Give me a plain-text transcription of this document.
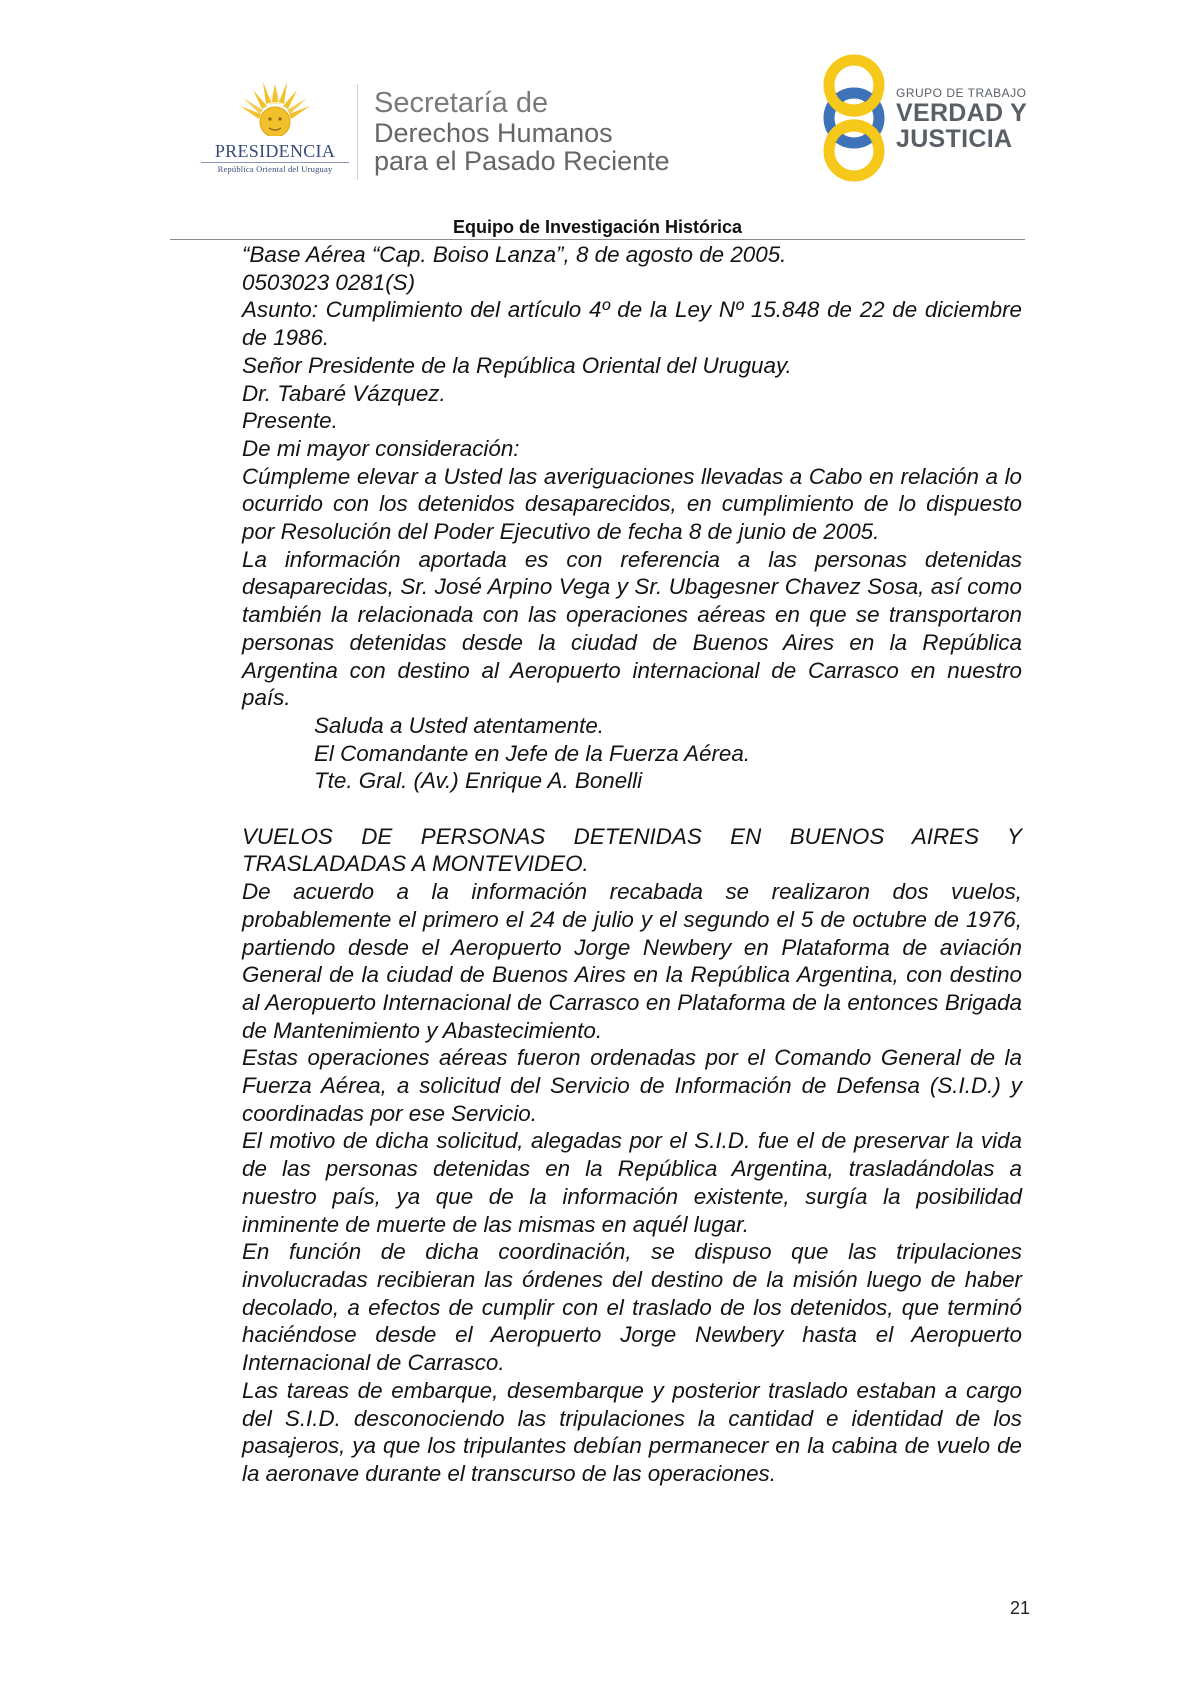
PRESIDENCIA
República Oriental del Uruguay
Secretaría de
Derechos Humanos
para el Pasado Reciente
GRUPO DE TRABAJO
VERDAD Y
JUSTICIA
Equipo de Investigación Histórica

“Base Aérea “Cap. Boiso Lanza”, 8 de agosto de 2005.

0503023 0281(S)

Asunto: Cumplimiento del artículo 4º de la Ley Nº 15.848 de 22 de diciembre de 1986.

Señor Presidente de la República Oriental del Uruguay.

Dr. Tabaré Vázquez.

Presente.

De mi mayor consideración:

Cúmpleme elevar a Usted las averiguaciones llevadas a Cabo en relación a lo ocurrido con los detenidos desaparecidos, en cumplimiento de lo dispuesto por Resolución del Poder Ejecutivo de fecha 8 de junio de 2005.

La información aportada es con referencia a las personas detenidas desaparecidas, Sr. José Arpino Vega y Sr. Ubagesner Chavez Sosa, así como también la relacionada con las operaciones aéreas en que se transportaron personas detenidas desde la ciudad de Buenos Aires en la República Argentina con destino al Aeropuerto internacional de Carrasco en nuestro país.

Saluda a Usted atentamente.

El Comandante en Jefe de la Fuerza Aérea.

Tte. Gral. (Av.) Enrique A. Bonelli

VUELOS DE PERSONAS DETENIDAS EN BUENOS AIRES Y TRASLADADAS A MONTEVIDEO.

De acuerdo a la información recabada se realizaron dos vuelos, probablemente el primero el 24 de julio y el segundo el 5 de octubre de 1976, partiendo desde el Aeropuerto Jorge Newbery en Plataforma de aviación General de la ciudad de Buenos Aires en la República Argentina, con destino al Aeropuerto Internacional de Carrasco en Plataforma de la entonces Brigada de Mantenimiento y Abastecimiento.

Estas operaciones aéreas fueron ordenadas por el Comando General de la Fuerza Aérea, a solicitud del Servicio de Información de Defensa (S.I.D.) y coordinadas por ese Servicio.

El motivo de dicha solicitud, alegadas por el S.I.D. fue el de preservar la vida de las personas detenidas en la República Argentina, trasladándolas a nuestro país, ya que de la información existente, surgía la posibilidad inminente de muerte de las mismas en aquél lugar.

En función de dicha coordinación, se dispuso que las tripulaciones involucradas recibieran las órdenes del destino de la misión luego de haber decolado, a efectos de cumplir con el traslado de los detenidos, que terminó haciéndose desde el Aeropuerto Jorge Newbery hasta el Aeropuerto Internacional de Carrasco.

Las tareas de embarque, desembarque y posterior traslado estaban a cargo del S.I.D. desconociendo las tripulaciones la cantidad e identidad de los pasajeros, ya que los tripulantes debían permanecer en la cabina de vuelo de la aeronave durante el transcurso de las operaciones.

21
